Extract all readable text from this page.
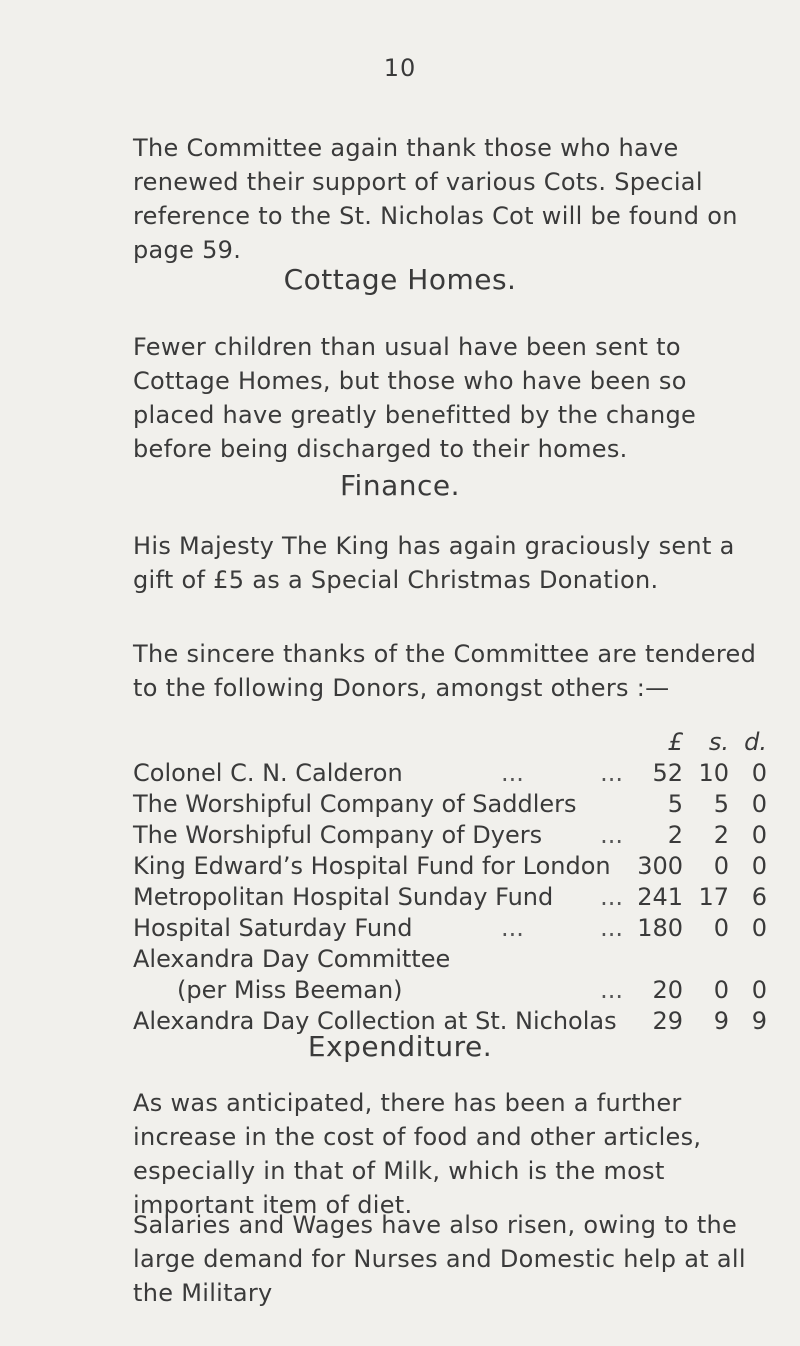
10
The Committee again thank those who have renewed their support of various Cots. Special reference to the St. Nicholas Cot will be found on page 59.
Cottage Homes.
Fewer children than usual have been sent to Cottage Homes, but those who have been so placed have greatly benefitted by the change before being discharged to their homes.
Finance.
His Majesty The King has again graciously sent a gift of £5 as a Special Christmas Donation.
The sincere thanks of the Committee are tendered to the following Donors, amongst others :—
£	s. d.
Colonel C. N. Calderon	...          ...	52 10 0
The Worshipful Company of Saddlers	5	5 0
The Worshipful Company of Dyers ...	2	2 0
King Edward’s Hospital Fund for London	300	0 0
Metropolitan Hospital Sunday Fund ... 241 17 6
Hospital Saturday Fund	...          ... 180	0 0
Alexandra Day Committee
(per Miss Beeman)	...	20	0 0
Alexandra Day Collection at St. Nicholas	29	9 9
Expenditure.
As was anticipated, there has been a further increase in the cost of food and other articles, especially in that of Milk, which is the most important item of diet.
Salaries and Wages have also risen, owing to the large demand for Nurses and Domestic help at all the Military
